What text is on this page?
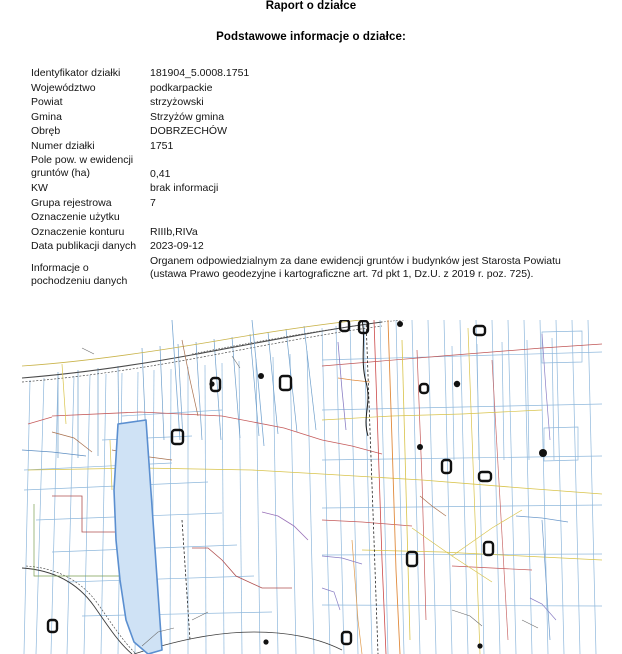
Raport o działce
Podstawowe informacje o działce:
Identyfikator działki	181904_5.0008.1751
Województwo	podkarpackie
Powiat	strzyżowski
Gmina	Strzyżów gmina
Obręb	DOBRZECHÓW
Numer działki	1751
Pole pow. w ewidencji gruntów (ha)	0,41
KW	brak informacji
Grupa rejestrowa	7
Oznaczenie użytku	
Oznaczenie konturu	RIIIb,RIVa
Data publikacji danych	2023-09-12
Informacje o pochodzeniu danych	Organem odpowiedzialnym za dane ewidencji gruntów i budynków jest Starosta Powiatu (ustawa Prawo geodezyjne i kartograficzne art. 7d pkt 1, Dz.U. z 2019 r. poz. 725).
